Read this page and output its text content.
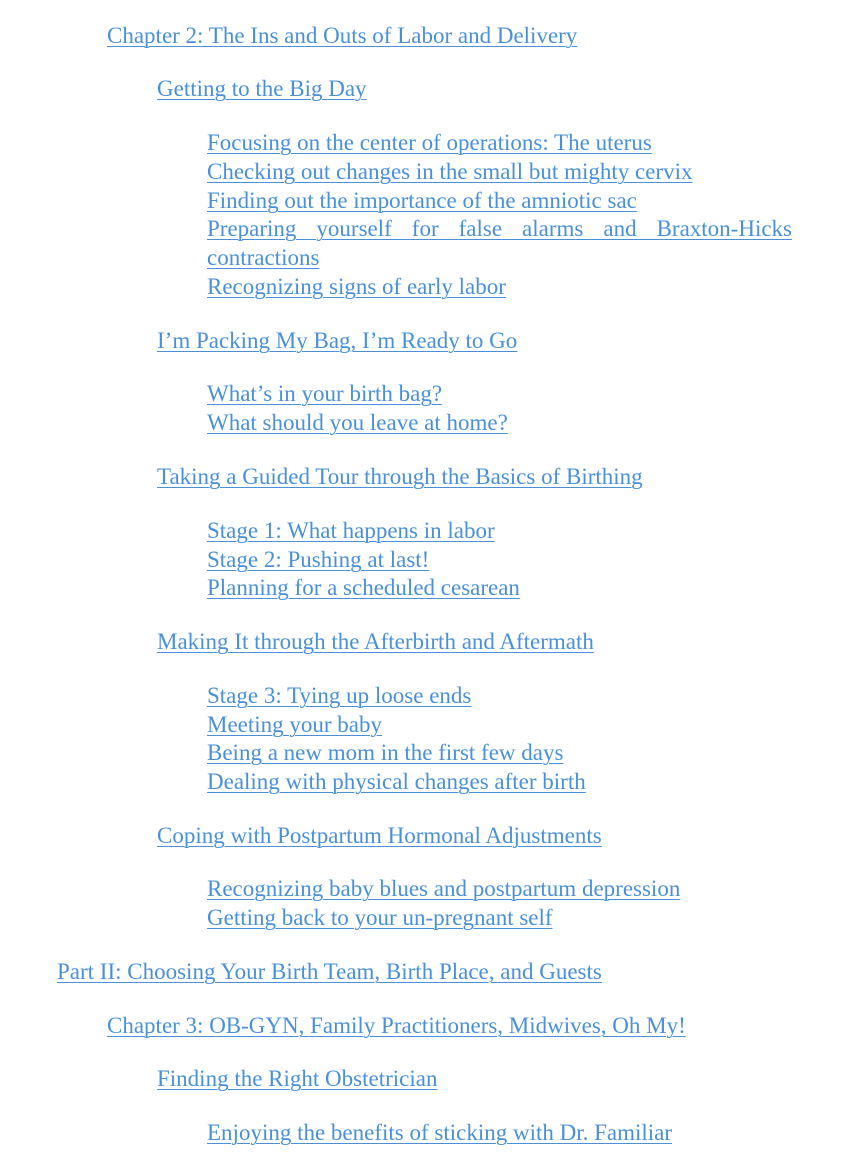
Chapter 2: The Ins and Outs of Labor and Delivery
Getting to the Big Day
Focusing on the center of operations: The uterus
Checking out changes in the small but mighty cervix
Finding out the importance of the amniotic sac
Preparing yourself for false alarms and Braxton-Hicks contractions
Recognizing signs of early labor
I’m Packing My Bag, I’m Ready to Go
What’s in your birth bag?
What should you leave at home?
Taking a Guided Tour through the Basics of Birthing
Stage 1: What happens in labor
Stage 2: Pushing at last!
Planning for a scheduled cesarean
Making It through the Afterbirth and Aftermath
Stage 3: Tying up loose ends
Meeting your baby
Being a new mom in the first few days
Dealing with physical changes after birth
Coping with Postpartum Hormonal Adjustments
Recognizing baby blues and postpartum depression
Getting back to your un-pregnant self
Part II: Choosing Your Birth Team, Birth Place, and Guests
Chapter 3: OB-GYN, Family Practitioners, Midwives, Oh My!
Finding the Right Obstetrician
Enjoying the benefits of sticking with Dr. Familiar
